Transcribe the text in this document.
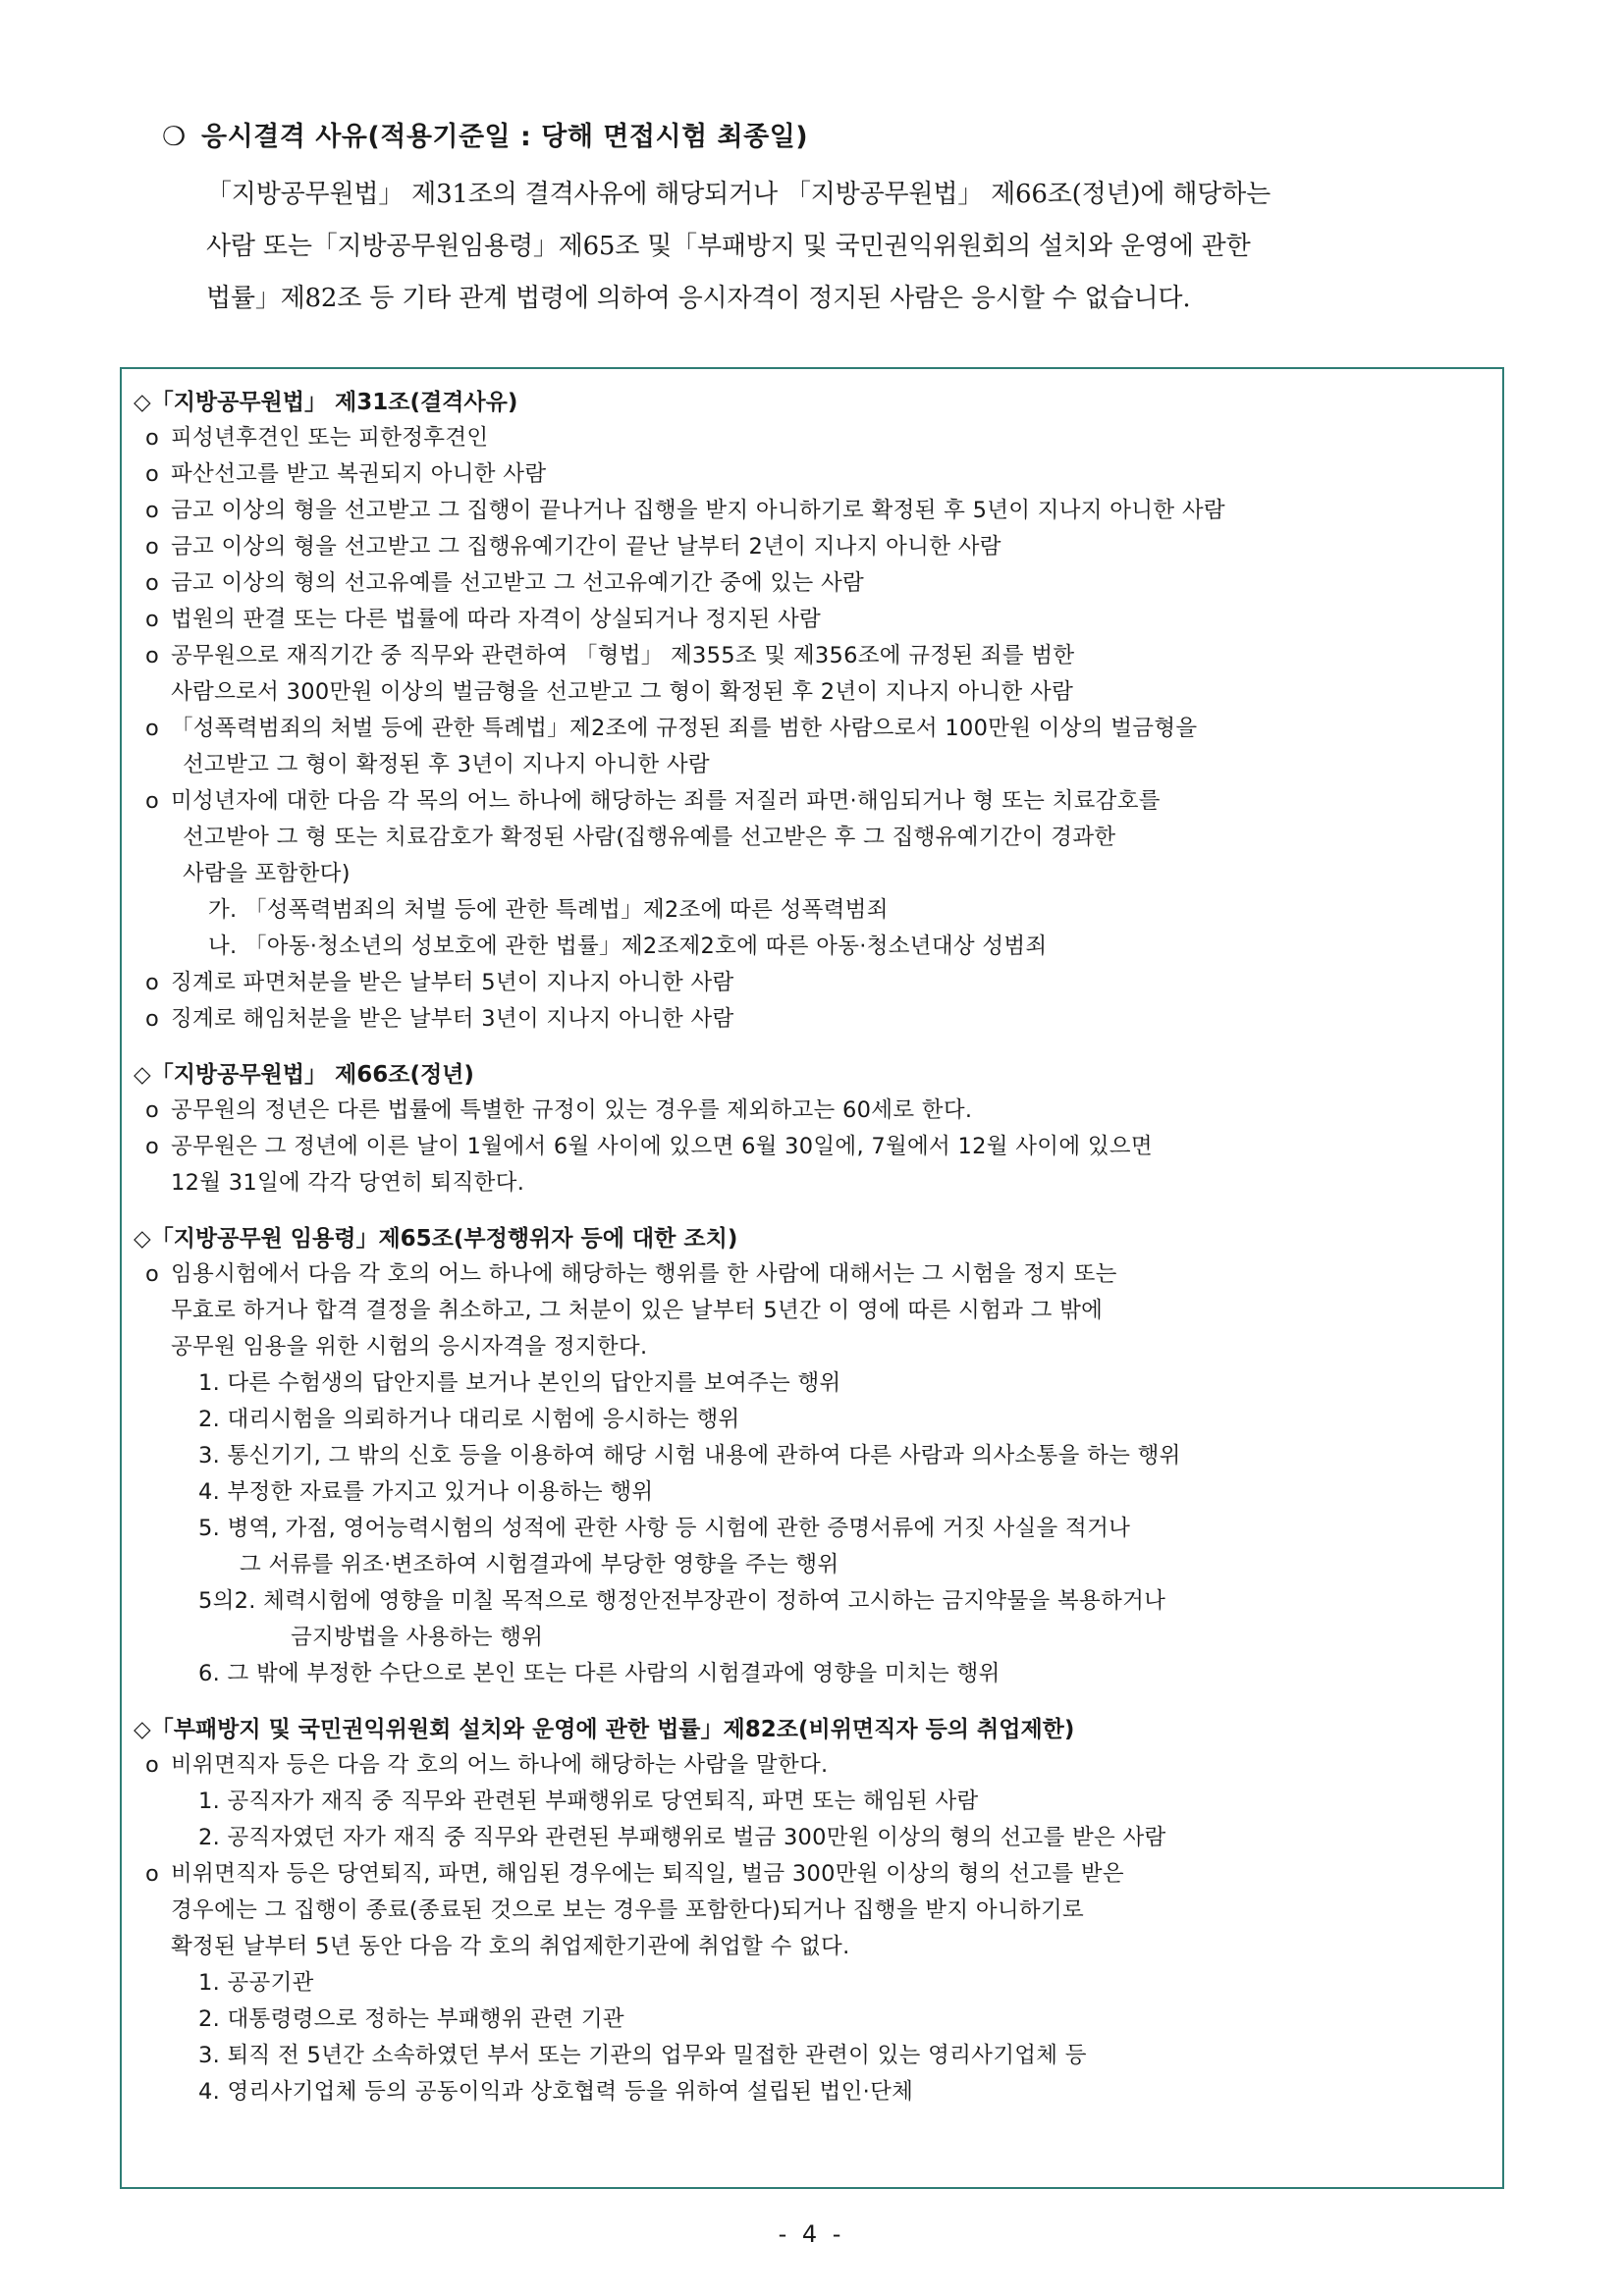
❍ 응시결격 사유(적용기준일 : 당해 면접시험 최종일)
「지방공무원법」 제31조의 결격사유에 해당되거나 「지방공무원법」 제66조(정년)에 해당하는
사람 또는「지방공무원임용령」제65조 및「부패방지 및 국민권익위원회의 설치와 운영에 관한
법률」제82조 등 기타 관계 법령에 의하여 응시자격이 정지된 사람은 응시할 수 없습니다.
◇「지방공무원법」 제31조(결격사유)
o 피성년후견인 또는 피한정후견인
o 파산선고를 받고 복권되지 아니한 사람
o 금고 이상의 형을 선고받고 그 집행이 끝나거나 집행을 받지 아니하기로 확정된 후 5년이 지나지 아니한 사람
o 금고 이상의 형을 선고받고 그 집행유예기간이 끝난 날부터 2년이 지나지 아니한 사람
o 금고 이상의 형의 선고유예를 선고받고 그 선고유예기간 중에 있는 사람
o 법원의 판결 또는 다른 법률에 따라 자격이 상실되거나 정지된 사람
o 공무원으로 재직기간 중 직무와 관련하여 「형법」 제355조 및 제356조에 규정된 죄를 범한
사람으로서 300만원 이상의 벌금형을 선고받고 그 형이 확정된 후 2년이 지나지 아니한 사람
o 「성폭력범죄의 처벌 등에 관한 특례법」제2조에 규정된 죄를 범한 사람으로서 100만원 이상의 벌금형을
선고받고 그 형이 확정된 후 3년이 지나지 아니한 사람
o 미성년자에 대한 다음 각 목의 어느 하나에 해당하는 죄를 저질러 파면·해임되거나 형 또는 치료감호를
선고받아 그 형 또는 치료감호가 확정된 사람(집행유예를 선고받은 후 그 집행유예기간이 경과한
사람을 포함한다)
가. 「성폭력범죄의 처벌 등에 관한 특례법」제2조에 따른 성폭력범죄
나. 「아동·청소년의 성보호에 관한 법률」제2조제2호에 따른 아동·청소년대상 성범죄
o 징계로 파면처분을 받은 날부터 5년이 지나지 아니한 사람
o 징계로 해임처분을 받은 날부터 3년이 지나지 아니한 사람
◇「지방공무원법」 제66조(정년)
o 공무원의 정년은 다른 법률에 특별한 규정이 있는 경우를 제외하고는 60세로 한다.
o 공무원은 그 정년에 이른 날이 1월에서 6월 사이에 있으면 6월 30일에, 7월에서 12월 사이에 있으면
12월 31일에 각각 당연히 퇴직한다.
◇「지방공무원 임용령」제65조(부정행위자 등에 대한 조치)
o 임용시험에서 다음 각 호의 어느 하나에 해당하는 행위를 한 사람에 대해서는 그 시험을 정지 또는
무효로 하거나 합격 결정을 취소하고, 그 처분이 있은 날부터 5년간 이 영에 따른 시험과 그 밖에
공무원 임용을 위한 시험의 응시자격을 정지한다.
1. 다른 수험생의 답안지를 보거나 본인의 답안지를 보여주는 행위
2. 대리시험을 의뢰하거나 대리로 시험에 응시하는 행위
3. 통신기기, 그 밖의 신호 등을 이용하여 해당 시험 내용에 관하여 다른 사람과 의사소통을 하는 행위
4. 부정한 자료를 가지고 있거나 이용하는 행위
5. 병역, 가점, 영어능력시험의 성적에 관한 사항 등 시험에 관한 증명서류에 거짓 사실을 적거나
그 서류를 위조·변조하여 시험결과에 부당한 영향을 주는 행위
5의2. 체력시험에 영향을 미칠 목적으로 행정안전부장관이 정하여 고시하는 금지약물을 복용하거나
금지방법을 사용하는 행위
6. 그 밖에 부정한 수단으로 본인 또는 다른 사람의 시험결과에 영향을 미치는 행위
◇「부패방지 및 국민권익위원회 설치와 운영에 관한 법률」제82조(비위면직자 등의 취업제한)
o 비위면직자 등은 다음 각 호의 어느 하나에 해당하는 사람을 말한다.
1. 공직자가 재직 중 직무와 관련된 부패행위로 당연퇴직, 파면 또는 해임된 사람
2. 공직자였던 자가 재직 중 직무와 관련된 부패행위로 벌금 300만원 이상의 형의 선고를 받은 사람
o 비위면직자 등은 당연퇴직, 파면, 해임된 경우에는 퇴직일, 벌금 300만원 이상의 형의 선고를 받은
경우에는 그 집행이 종료(종료된 것으로 보는 경우를 포함한다)되거나 집행을 받지 아니하기로
확정된 날부터 5년 동안 다음 각 호의 취업제한기관에 취업할 수 없다.
1. 공공기관
2. 대통령령으로 정하는 부패행위 관련 기관
3. 퇴직 전 5년간 소속하였던 부서 또는 기관의 업무와 밀접한 관련이 있는 영리사기업체 등
4. 영리사기업체 등의 공동이익과 상호협력 등을 위하여 설립된 법인·단체
- 4 -
